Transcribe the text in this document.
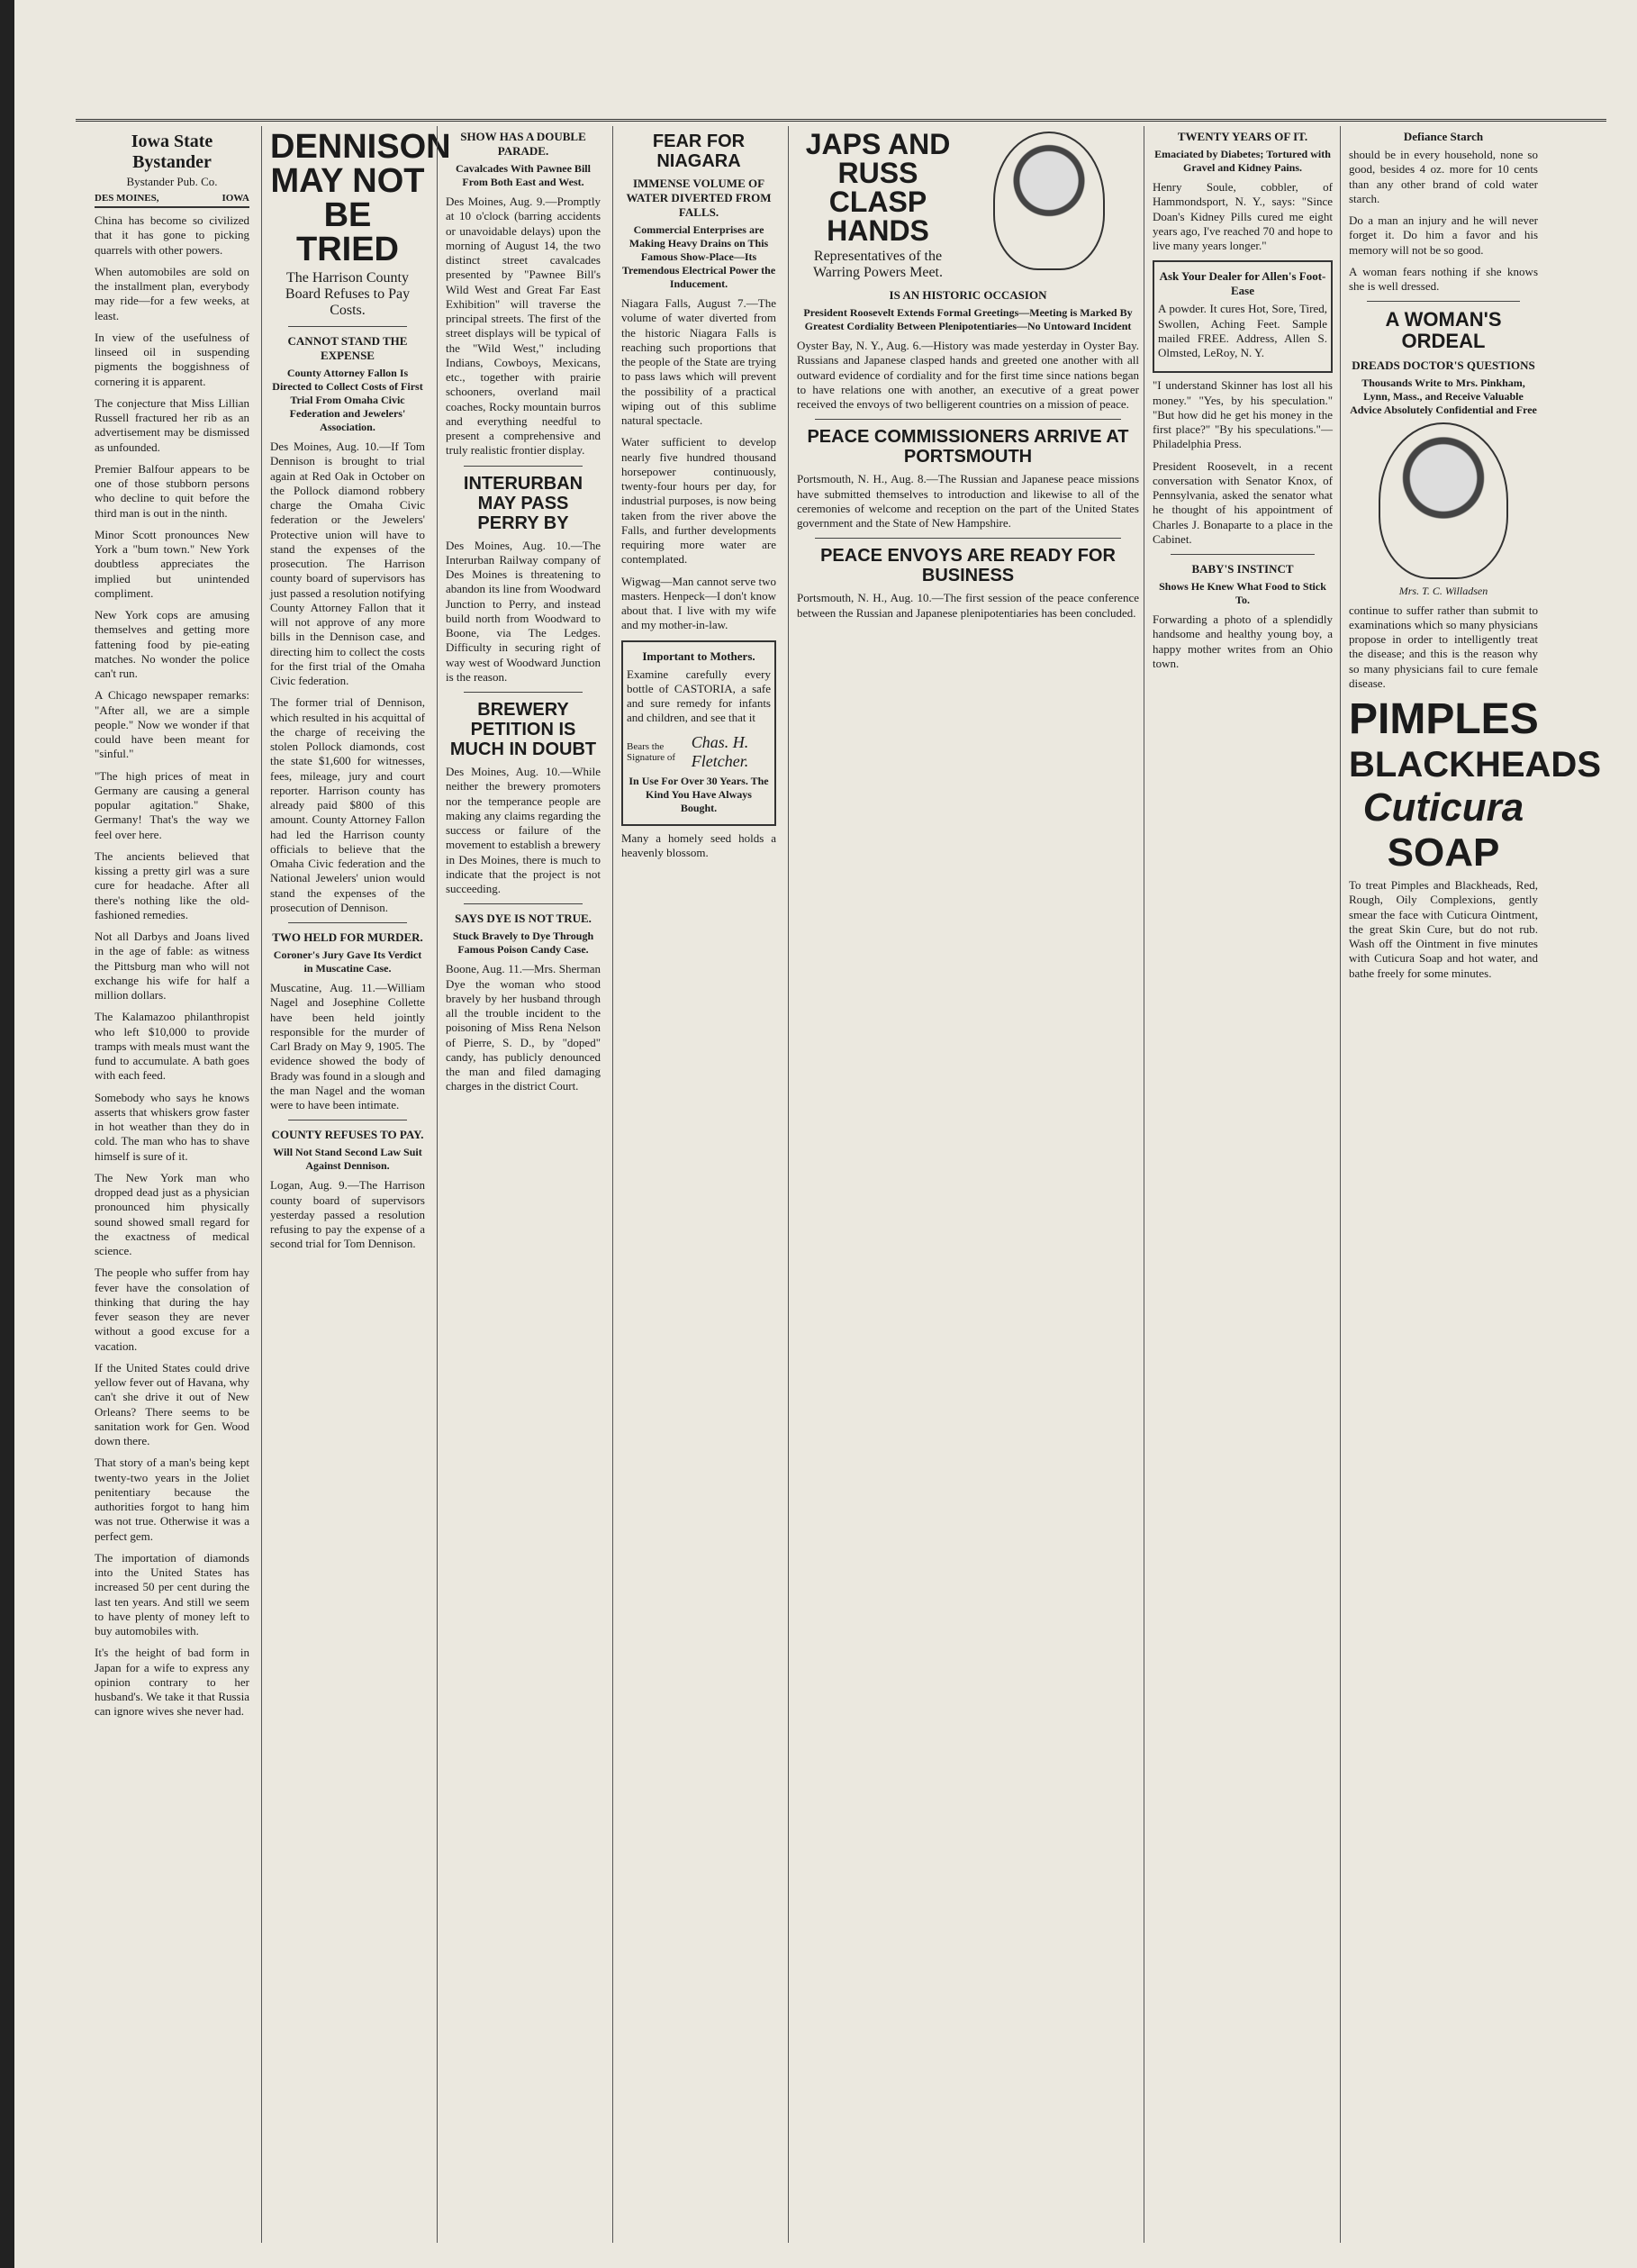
Iowa State Bystander
Bystander Pub. Co.
DES MOINES,	IOWA

China has become so civilized that it has gone to picking quarrels with other powers.

When automobiles are sold on the installment plan, everybody may ride—for a few weeks, at least.

In view of the usefulness of linseed oil in suspending pigments the boggishness of cornering it is apparent.

The conjecture that Miss Lillian Russell fractured her rib as an advertisement may be dismissed as unfounded.

Premier Balfour appears to be one of those stubborn persons who decline to quit before the third man is out in the ninth.

Minor Scott pronounces New York a "bum town." New York doubtless appreciates the implied but unintended compliment.

New York cops are amusing themselves and getting more fattening food by pie-eating matches. No wonder the police can't run.

A Chicago newspaper remarks: "After all, we are a simple people." Now we wonder if that could have been meant for "sinful."

"The high prices of meat in Germany are causing a general popular agitation." Shake, Germany! That's the way we feel over here.

The ancients believed that kissing a pretty girl was a sure cure for headache. After all there's nothing like the old-fashioned remedies.

Not all Darbys and Joans lived in the age of fable: as witness the Pittsburg man who will not exchange his wife for half a million dollars.

The Kalamazoo philanthropist who left $10,000 to provide tramps with meals must want the fund to accumulate. A bath goes with each feed.

Somebody who says he knows asserts that whiskers grow faster in hot weather than they do in cold. The man who has to shave himself is sure of it.

The New York man who dropped dead just as a physician pronounced him physically sound showed small regard for the exactness of medical science.

The people who suffer from hay fever have the consolation of thinking that during the hay fever season they are never without a good excuse for a vacation.

If the United States could drive yellow fever out of Havana, why can't she drive it out of New Orleans? There seems to be sanitation work for Gen. Wood down there.

That story of a man's being kept twenty-two years in the Joliet penitentiary because the authorities forgot to hang him was not true. Otherwise it was a perfect gem.

The importation of diamonds into the United States has increased 50 per cent during the last ten years. And still we seem to have plenty of money left to buy automobiles with.

It's the height of bad form in Japan for a wife to express any opinion contrary to her husband's. We take it that Russia can ignore wives she never had.

DENNISON MAY NOT BE TRIED
The Harrison County Board Refuses to Pay Costs.
CANNOT STAND THE EXPENSE
County Attorney Fallon Is Directed to Collect Costs of First Trial From Omaha Civic Federation and Jewelers' Association.

Des Moines, Aug. 10.—If Tom Dennison is brought to trial again at Red Oak in October on the Pollock diamond robbery charge the Omaha Civic federation or the Jewelers' Protective union will have to stand the expenses of the prosecution. The Harrison county board of supervisors has just passed a resolution notifying County Attorney Fallon that it will not approve of any more bills in the Dennison case, and directing him to collect the costs for the first trial of the Omaha Civic federation.

The former trial of Dennison, which resulted in his acquittal of the charge of receiving the stolen Pollock diamonds, cost the state $1,600 for witnesses, fees, mileage, jury and court reporter. Harrison county has already paid $800 of this amount. County Attorney Fallon had led the Harrison county officials to believe that the Omaha Civic federation and the National Jewelers' union would stand the expenses of the prosecution of Dennison.

TWO HELD FOR MURDER.
Coroner's Jury Gave Its Verdict in Muscatine Case.

Muscatine, Aug. 11.—William Nagel and Josephine Collette have been held jointly responsible for the murder of Carl Brady on May 9, 1905. The evidence showed the body of Brady was found in a slough and the man Nagel and the woman were to have been intimate.

COUNTY REFUSES TO PAY.
Will Not Stand Second Law Suit Against Dennison.

Logan, Aug. 9.—The Harrison county board of supervisors yesterday passed a resolution refusing to pay the expense of a second trial for Tom Dennison.

SHOW HAS A DOUBLE PARADE.
Cavalcades With Pawnee Bill From Both East and West.

Des Moines, Aug. 9.—Promptly at 10 o'clock (barring accidents or unavoidable delays) upon the morning of August 14, the two distinct street cavalcades presented by "Pawnee Bill's Wild West and Great Far East Exhibition" will traverse the principal streets. The first of the street displays will be typical of the "Wild West," including Indians, Cowboys, Mexicans, etc., together with prairie schooners, overland mail coaches, Rocky mountain burros and everything needful to present a comprehensive and truly realistic frontier display.

INTERURBAN MAY PASS PERRY BY

Des Moines, Aug. 10.—The Interurban Railway company of Des Moines is threatening to abandon its line from Woodward Junction to Perry, and instead build north from Woodward to Boone, via The Ledges. Difficulty in securing right of way west of Woodward Junction is the reason.

BREWERY PETITION IS MUCH IN DOUBT

Des Moines, Aug. 10.—While neither the brewery promoters nor the temperance people are making any claims regarding the success or failure of the movement to establish a brewery in Des Moines, there is much to indicate that the project is not succeeding.

SAYS DYE IS NOT TRUE.
Stuck Bravely to Dye Through Famous Poison Candy Case.

Boone, Aug. 11.—Mrs. Sherman Dye the woman who stood bravely by her husband through all the trouble incident to the poisoning of Miss Rena Nelson of Pierre, S. D., by "doped" candy, has publicly denounced the man and filed damaging charges in the district Court.

FEAR FOR NIAGARA
IMMENSE VOLUME OF WATER DIVERTED FROM FALLS.
Commercial Enterprises are Making Heavy Drains on This Famous Show-Place—Its Tremendous Electrical Power the Inducement.

Niagara Falls, August 7.—The volume of water diverted from the historic Niagara Falls is reaching such proportions that the people of the State are trying to pass laws which will prevent the possibility of a practical wiping out of this sublime natural spectacle.

Water sufficient to develop nearly five hundred thousand horsepower continuously, twenty-four hours per day, for industrial purposes, is now being taken from the river above the Falls, and further developments requiring more water are contemplated.

Wigwag—Man cannot serve two masters. Henpeck—I don't know about that. I live with my wife and my mother-in-law.

Important to Mothers.

Examine carefully every bottle of CASTORIA, a safe and sure remedy for infants and children, and see that it

Bears the Signature of
Chas. H. Fletcher.
In Use For Over 30 Years. The Kind You Have Always Bought.

Many a homely seed holds a heavenly blossom.

JAPS AND RUSS CLASP HANDS
Representatives of the Warring Powers Meet.
IS AN HISTORIC OCCASION
President Roosevelt Extends Formal Greetings—Meeting is Marked By Greatest Cordiality Between Plenipotentiaries—No Untoward Incident

Oyster Bay, N. Y., Aug. 6.—History was made yesterday in Oyster Bay. Russians and Japanese clasped hands and greeted one another with all outward evidence of cordiality and for the first time since nations began to have relations one with another, an executive of a great power received the envoys of two belligerent countries on a mission of peace.

PEACE COMMISSIONERS ARRIVE AT PORTSMOUTH

Portsmouth, N. H., Aug. 8.—The Russian and Japanese peace missions have submitted themselves to introduction and likewise to all of the ceremonies of welcome and reception on the part of the United States government and the State of New Hampshire.

PEACE ENVOYS ARE READY FOR BUSINESS

Portsmouth, N. H., Aug. 10.—The first session of the peace conference between the Russian and Japanese plenipotentiaries has been concluded.

TWENTY YEARS OF IT.
Emaciated by Diabetes; Tortured with Gravel and Kidney Pains.

Henry Soule, cobbler, of Hammondsport, N. Y., says: "Since Doan's Kidney Pills cured me eight years ago, I've reached 70 and hope to live many years longer."

Ask Your Dealer for Allen's Foot-Ease

A powder. It cures Hot, Sore, Tired, Swollen, Aching Feet. Sample mailed FREE. Address, Allen S. Olmsted, LeRoy, N. Y.

"I understand Skinner has lost all his money." "Yes, by his speculation." "But how did he get his money in the first place?" "By his speculations."—Philadelphia Press.

President Roosevelt, in a recent conversation with Senator Knox, of Pennsylvania, asked the senator what he thought of his appointment of Charles J. Bonaparte to a place in the Cabinet.

BABY'S INSTINCT
Shows He Knew What Food to Stick To.

Forwarding a photo of a splendidly handsome and healthy young boy, a happy mother writes from an Ohio town.

Defiance Starch

should be in every household, none so good, besides 4 oz. more for 10 cents than any other brand of cold water starch.

Do a man an injury and he will never forget it. Do him a favor and his memory will not be so good.

A woman fears nothing if she knows she is well dressed.

A WOMAN'S ORDEAL
DREADS DOCTOR'S QUESTIONS
Thousands Write to Mrs. Pinkham, Lynn, Mass., and Receive Valuable Advice Absolutely Confidential and Free
Mrs. T. C. Willadsen

continue to suffer rather than submit to examinations which so many physicians propose in order to intelligently treat the disease; and this is the reason why so many physicians fail to cure female disease.

PIMPLES
BLACKHEADS
Cuticura
SOAP

To treat Pimples and Blackheads, Red, Rough, Oily Complexions, gently smear the face with Cuticura Ointment, the great Skin Cure, but do not rub. Wash off the Ointment in five minutes with Cuticura Soap and hot water, and bathe freely for some minutes.
